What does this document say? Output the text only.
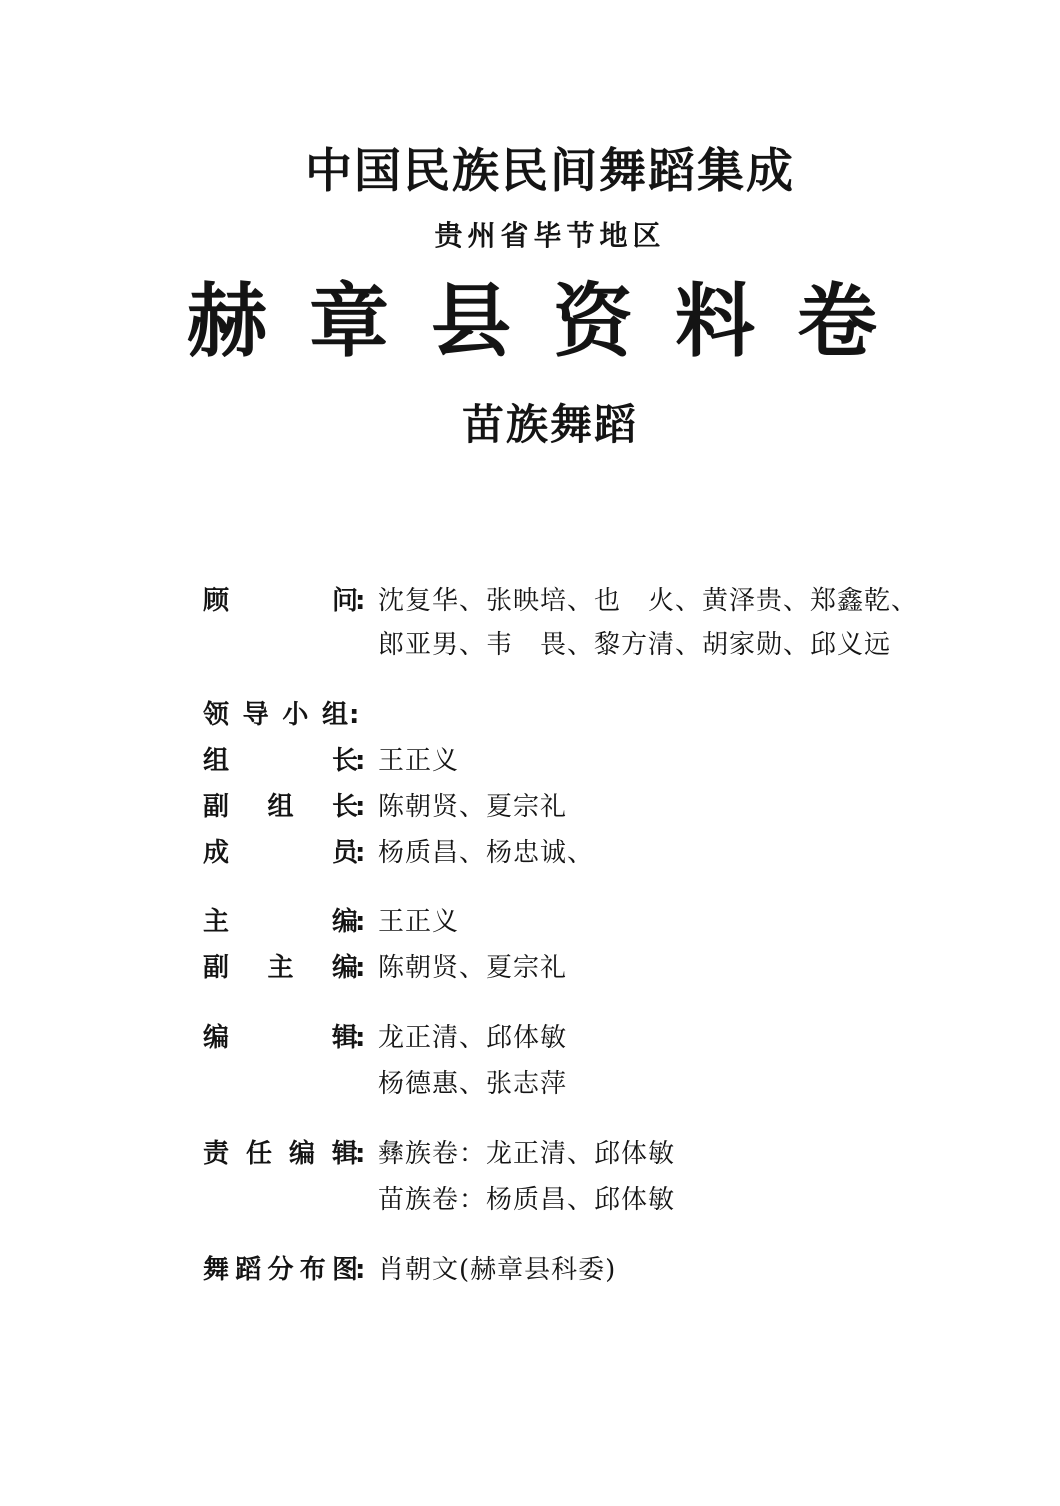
中国民族民间舞蹈集成
贵州省毕节地区
赫章县资料卷
苗族舞蹈
顾问
: 沈复华、张映培、也　火、黄泽贵、郑鑫乾、
郎亚男、韦　畏、黎方清、胡家勋、邱义远
领导小组 :
组长
: 王正义
副组长
: 陈朝贤、夏宗礼
成员
: 杨质昌、杨忠诚、
主编
: 王正义
副主编
: 陈朝贤、夏宗礼
编辑
: 龙正清、邱体敏
杨德惠、张志萍
责任编辑
: 彝族卷：龙正清、邱体敏
苗族卷：杨质昌、邱体敏
舞蹈分布图
: 肖朝文(赫章县科委)
